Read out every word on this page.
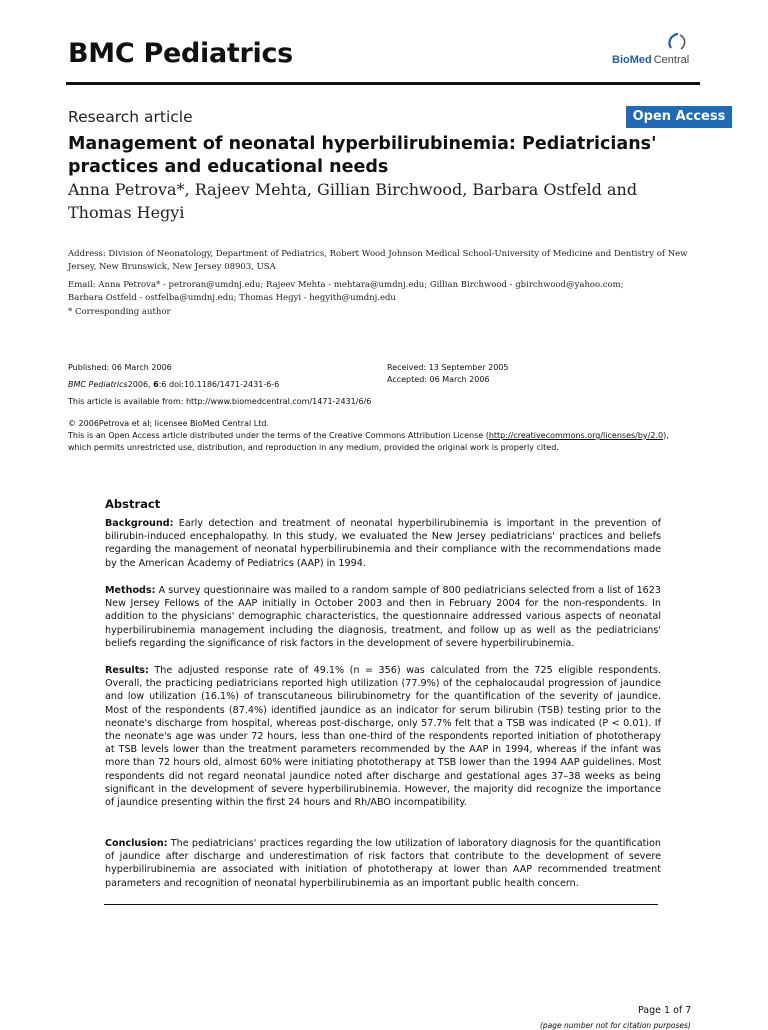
BMC Pediatrics	BioMed Central
Research article	Open Access
Management of neonatal hyperbilirubinemia: Pediatricians'
practices and educational needs
Anna Petrova*, Rajeev Mehta, Gillian Birchwood, Barbara Ostfeld and
Thomas Hegyi
Address: Division of Neonatology, Department of Pediatrics, Robert Wood Johnson Medical School-University of Medicine and Dentistry of New
Jersey, New Brunswick, New Jersey 08903, USA
Email: Anna Petrova* - petroran@umdnj.edu; Rajeev Mehta - mehtara@umdnj.edu; Gillian Birchwood - gbirchwood@yahoo.com;
Barbara Ostfeld - ostfelba@umdnj.edu; Thomas Hegyi - hegyith@umdnj.edu
* Corresponding author
Published: 06 March 2006
BMC Pediatrics2006, 6:6 doi:10.1186/1471-2431-6-6
This article is available from: http://www.biomedcentral.com/1471-2431/6/6
Received: 13 September 2005
Accepted: 06 March 2006
© 2006Petrova et al; licensee BioMed Central Ltd.
This is an Open Access article distributed under the terms of the Creative Commons Attribution License (http://creativecommons.org/licenses/by/2.0),
which permits unrestricted use, distribution, and reproduction in any medium, provided the original work is properly cited.
Abstract
Background: Early detection and treatment of neonatal hyperbilirubinemia is important in the prevention of bilirubin-induced encephalopathy. In this study, we evaluated the New Jersey pediatricians' practices and beliefs regarding the management of neonatal hyperbilirubinemia and their compliance with the recommendations made by the American Academy of Pediatrics (AAP) in 1994.
Methods: A survey questionnaire was mailed to a random sample of 800 pediatricians selected from a list of 1623 New Jersey Fellows of the AAP initially in October 2003 and then in February 2004 for the non-respondents. In addition to the physicians' demographic characteristics, the questionnaire addressed various aspects of neonatal hyperbilirubinemia management including the diagnosis, treatment, and follow up as well as the pediatricians' beliefs regarding the significance of risk factors in the development of severe hyperbilirubinemia.
Results: The adjusted response rate of 49.1% (n = 356) was calculated from the 725 eligible respondents. Overall, the practicing pediatricians reported high utilization (77.9%) of the cephalocaudal progression of jaundice and low utilization (16.1%) of transcutaneous bilirubinometry for the quantification of the severity of jaundice. Most of the respondents (87.4%) identified jaundice as an indicator for serum bilirubin (TSB) testing prior to the neonate's discharge from hospital, whereas post-discharge, only 57.7% felt that a TSB was indicated (P < 0.01). If the neonate's age was under 72 hours, less than one-third of the respondents reported initiation of phototherapy at TSB levels lower than the treatment parameters recommended by the AAP in 1994, whereas if the infant was more than 72 hours old, almost 60% were initiating phototherapy at TSB lower than the 1994 AAP guidelines. Most respondents did not regard neonatal jaundice noted after discharge and gestational ages 37–38 weeks as being significant in the development of severe hyperbilirubinemia. However, the majority did recognize the importance of jaundice presenting within the first 24 hours and Rh/ABO incompatibility.
Conclusion: The pediatricians' practices regarding the low utilization of laboratory diagnosis for the quantification of jaundice after discharge and underestimation of risk factors that contribute to the development of severe hyperbilirubinemia are associated with initiation of phototherapy at lower than AAP recommended treatment parameters and recognition of neonatal hyperbilirubinemia as an important public health concern.
Page 1 of 7
(page number not for citation purposes)
